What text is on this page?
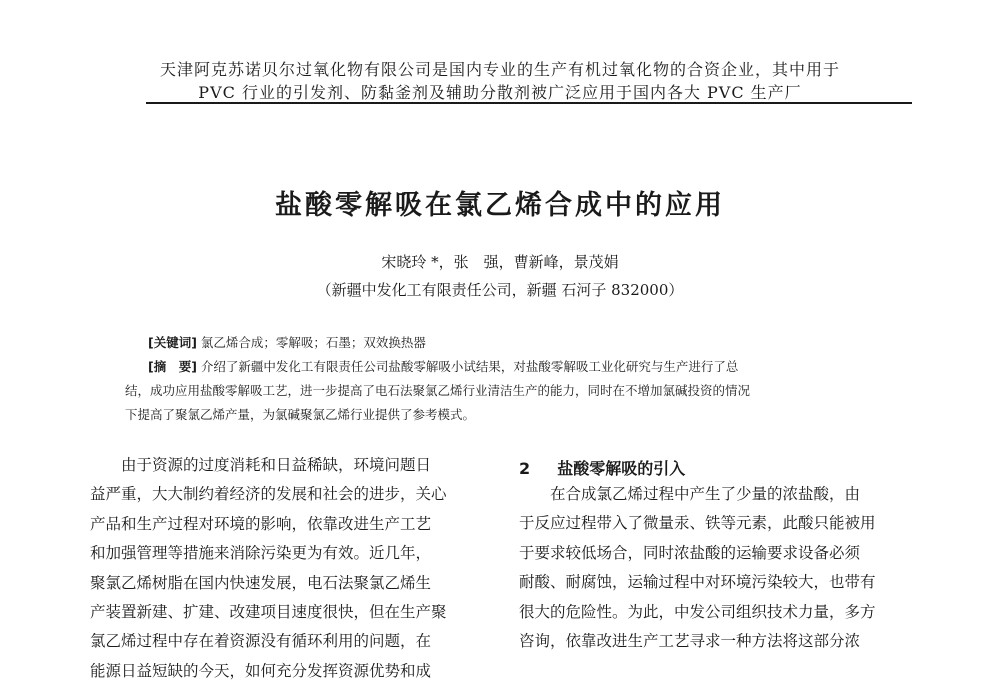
天津阿克苏诺贝尔过氧化物有限公司是国内专业的生产有机过氧化物的合资企业，其中用于
PVC 行业的引发剂、防黏釜剂及辅助分散剂被广泛应用于国内各大 PVC 生产厂
盐酸零解吸在氯乙烯合成中的应用
宋晓玲 *，张　强，曹新峰，景茂娟
（新疆中发化工有限责任公司，新疆 石河子 832000）
[关键词] 氯乙烯合成；零解吸；石墨；双效换热器
[摘　要] 介绍了新疆中发化工有限责任公司盐酸零解吸小试结果，对盐酸零解吸工业化研究与生产进行了总
结，成功应用盐酸零解吸工艺，进一步提高了电石法聚氯乙烯行业清洁生产的能力，同时在不增加氯碱投资的情况
下提高了聚氯乙烯产量，为氯碱聚氯乙烯行业提供了参考模式。
由于资源的过度消耗和日益稀缺，环境问题日
益严重，大大制约着经济的发展和社会的进步，关心
产品和生产过程对环境的影响，依靠改进生产工艺
和加强管理等措施来消除污染更为有效。近几年，
聚氯乙烯树脂在国内快速发展，电石法聚氯乙烯生
产装置新建、扩建、改建项目速度很快，但在生产聚
氯乙烯过程中存在着资源没有循环利用的问题，在
能源日益短缺的今天，如何充分发挥资源优势和成
2 盐酸零解吸的引入
在合成氯乙烯过程中产生了少量的浓盐酸，由
于反应过程带入了微量汞、铁等元素，此酸只能被用
于要求较低场合，同时浓盐酸的运输要求设备必须
耐酸、耐腐蚀，运输过程中对环境污染较大，也带有
很大的危险性。为此，中发公司组织技术力量，多方
咨询，依靠改进生产工艺寻求一种方法将这部分浓
